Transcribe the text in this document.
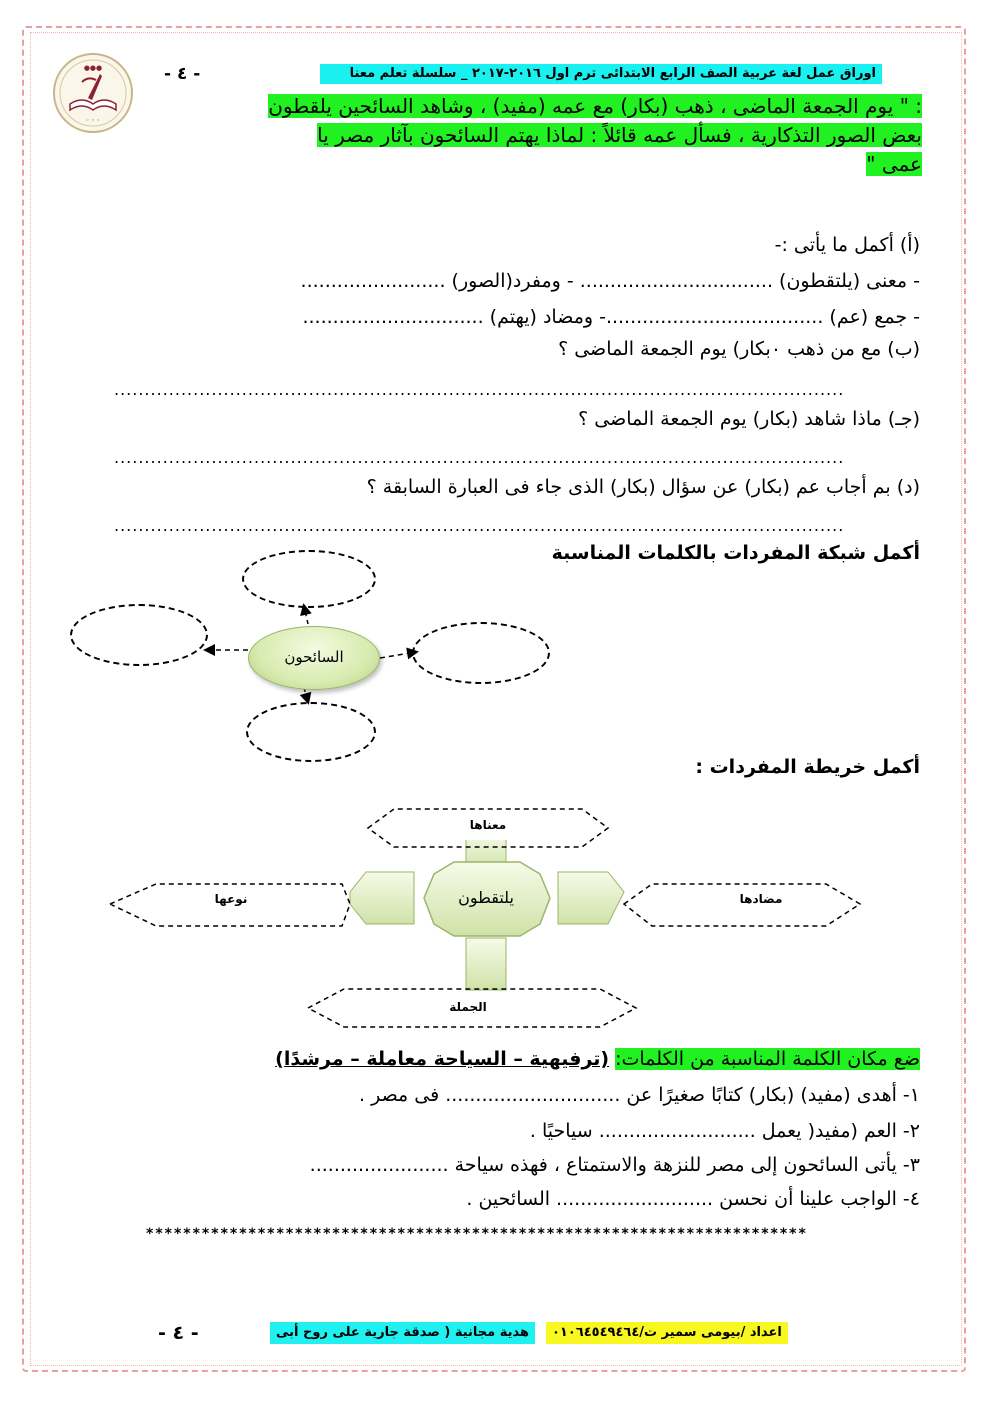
اوراق عمل لغة عربية الصف الرابع الابتدائى ترم اول ٢٠١٦-٢٠١٧ _ سلسلة تعلم معنا
- ٤ -
●●●
◦ ◦ ◦
: " يوم الجمعة الماضى ، ذهب (بكار) مع عمه (مفيد) ، وشاهد السائحين يلقطون
بعض الصور التذكارية ، فسأل عمه قائلاً : لماذا يهتم السائحون بآثار مصر يا
عمى "
(أ) أكمل ما يأتى :-
- معنى (يلتقطون) ................................ - ومفرد(الصور) ........................
- جمع (عم) ....................................- ومضاد (يهتم) ..............................
(ب) مع من ذهب ٠بكار) يوم الجمعة الماضى ؟
........................................................................................................................
(جـ) ماذا شاهد (بكار) يوم الجمعة الماضى ؟
........................................................................................................................
(د) بم أجاب عم (بكار) عن سؤال (بكار) الذى جاء فى العبارة السابقة ؟
........................................................................................................................
أكمل شبكة المفردات بالكلمات المناسبة
السائحون
أكمل خريطة المفردات :
معناها
نوعها	مضادها
الجملة
يلتقطون
ضع مكان الكلمة المناسبة من الكلمات: (ترفيهية – السياحة معاملة – مرشدًا)
١- أهدى (مفيد) (بكار) كتابًا صغيرًا عن ............................. فى مصر .
٢- العم (مفيد( يعمل .......................... سياحيًا .
٣- يأتى السائحون إلى مصر للنزهة والاستمتاع ، فهذه سياحة .......................
٤- الواجب علينا أن نحسن .......................... السائحين .
***********************************************************************
- ٤ -	هدية مجانية ( صدقة جارية على روح أبى	اعداد /بيومى سمير ت/٠١٠٦٤٥٤٩٤٦٤
